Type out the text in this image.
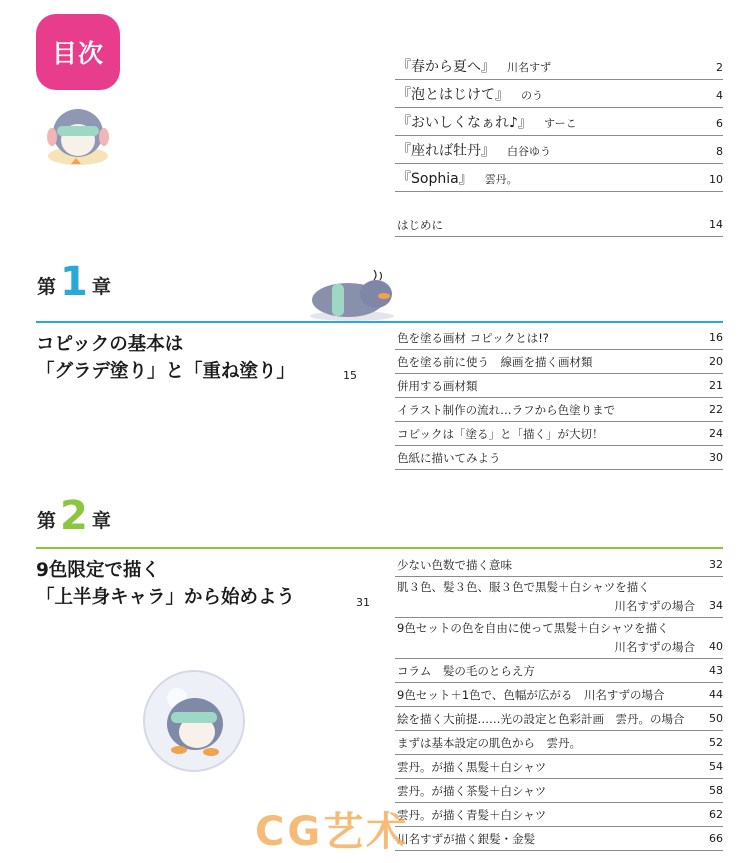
目次	『春から夏へ』 川名すず	2
『泡とはじけて』 のう	4
『おいしくなぁれ♪』 すーこ	6
『座れば牡丹』 白谷ゆう	8
『Sophia』 雲丹。	10
はじめに	14
第 1 章
コピックの基本は
「グラデ塗り」と「重ね塗り」	15
色を塗る画材 コピックとは!?	16
色を塗る前に使う　線画を描く画材類	20
併用する画材類	21
イラスト制作の流れ…ラフから色塗りまで	22
コピックは「塗る」と「描く」が大切！	24
色紙に描いてみよう	30
第 2 章
9色限定で描く
「上半身キャラ」から始めよう	31
少ない色数で描く意味	32
肌３色、髪３色、服３色で黒髪＋白シャツを描く
川名すずの場合 34
9色セットの色を自由に使って黒髪＋白シャツを描く
川名すずの場合 40
コラム　髪の毛のとらえ方	43
9色セット＋1色で、色幅が広がる　川名すずの場合	44
絵を描く大前提……光の設定と色彩計画　雲丹。の場合 50
まずは基本設定の肌色から　雲丹。	52
雲丹。が描く黒髪＋白シャツ	54
雲丹。が描く茶髪＋白シャツ	58
雲丹。が描く青髪＋白シャツ	62
川名すずが描く銀髪・金髪	66
CG艺术
